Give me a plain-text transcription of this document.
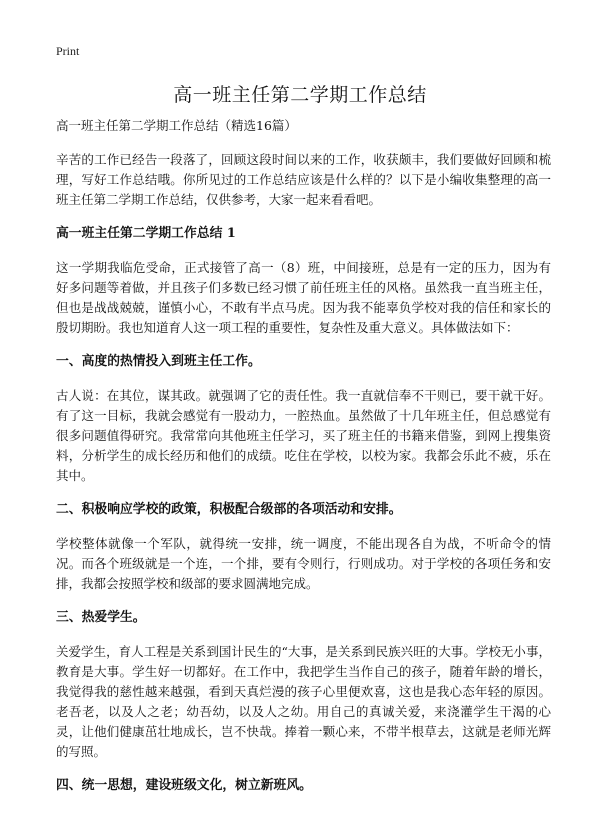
Print
高一班主任第二学期工作总结

高一班主任第二学期工作总结（精选16篇）

辛苦的工作已经告一段落了，回顾这段时间以来的工作，收获颇丰，我们要做好回顾和梳理，写好工作总结哦。你所见过的工作总结应该是什么样的？以下是小编收集整理的高一班主任第二学期工作总结，仅供参考，大家一起来看看吧。

高一班主任第二学期工作总结 1

这一学期我临危受命，正式接管了高一（8）班，中间接班，总是有一定的压力，因为有好多问题等着做，并且孩子们多数已经习惯了前任班主任的风格。虽然我一直当班主任，但也是战战兢兢，谨慎小心，不敢有半点马虎。因为我不能辜负学校对我的信任和家长的殷切期盼。我也知道育人这一项工程的重要性，复杂性及重大意义。具体做法如下：

一、高度的热情投入到班主任工作。

古人说：在其位，谋其政。就强调了它的责任性。我一直就信奉不干则已，要干就干好。有了这一目标，我就会感觉有一股动力，一腔热血。虽然做了十几年班主任，但总感觉有很多问题值得研究。我常常向其他班主任学习，买了班主任的书籍来借鉴，到网上搜集资料，分析学生的成长经历和他们的成绩。吃住在学校，以校为家。我都会乐此不疲，乐在其中。

二、积极响应学校的政策，积极配合级部的各项活动和安排。

学校整体就像一个军队，就得统一安排，统一调度，不能出现各自为战，不听命令的情况。而各个班级就是一个连，一个排，要有令则行，行则成功。对于学校的各项任务和安排，我都会按照学校和级部的要求圆满地完成。

三、热爱学生。

关爱学生，育人工程是关系到国计民生的“大事，是关系到民族兴旺的大事。学校无小事，教育是大事。学生好一切都好。在工作中，我把学生当作自己的孩子，随着年龄的增长，我觉得我的慈性越来越强，看到天真烂漫的孩子心里便欢喜，这也是我心态年轻的原因。老吾老，以及人之老；幼吾幼，以及人之幼。用自己的真诚关爱，来浇灌学生干渴的心灵，让他们健康茁壮地成长，岂不快哉。捧着一颗心来，不带半根草去，这就是老师光辉的写照。

四、统一思想，建设班级文化，树立新班风。
